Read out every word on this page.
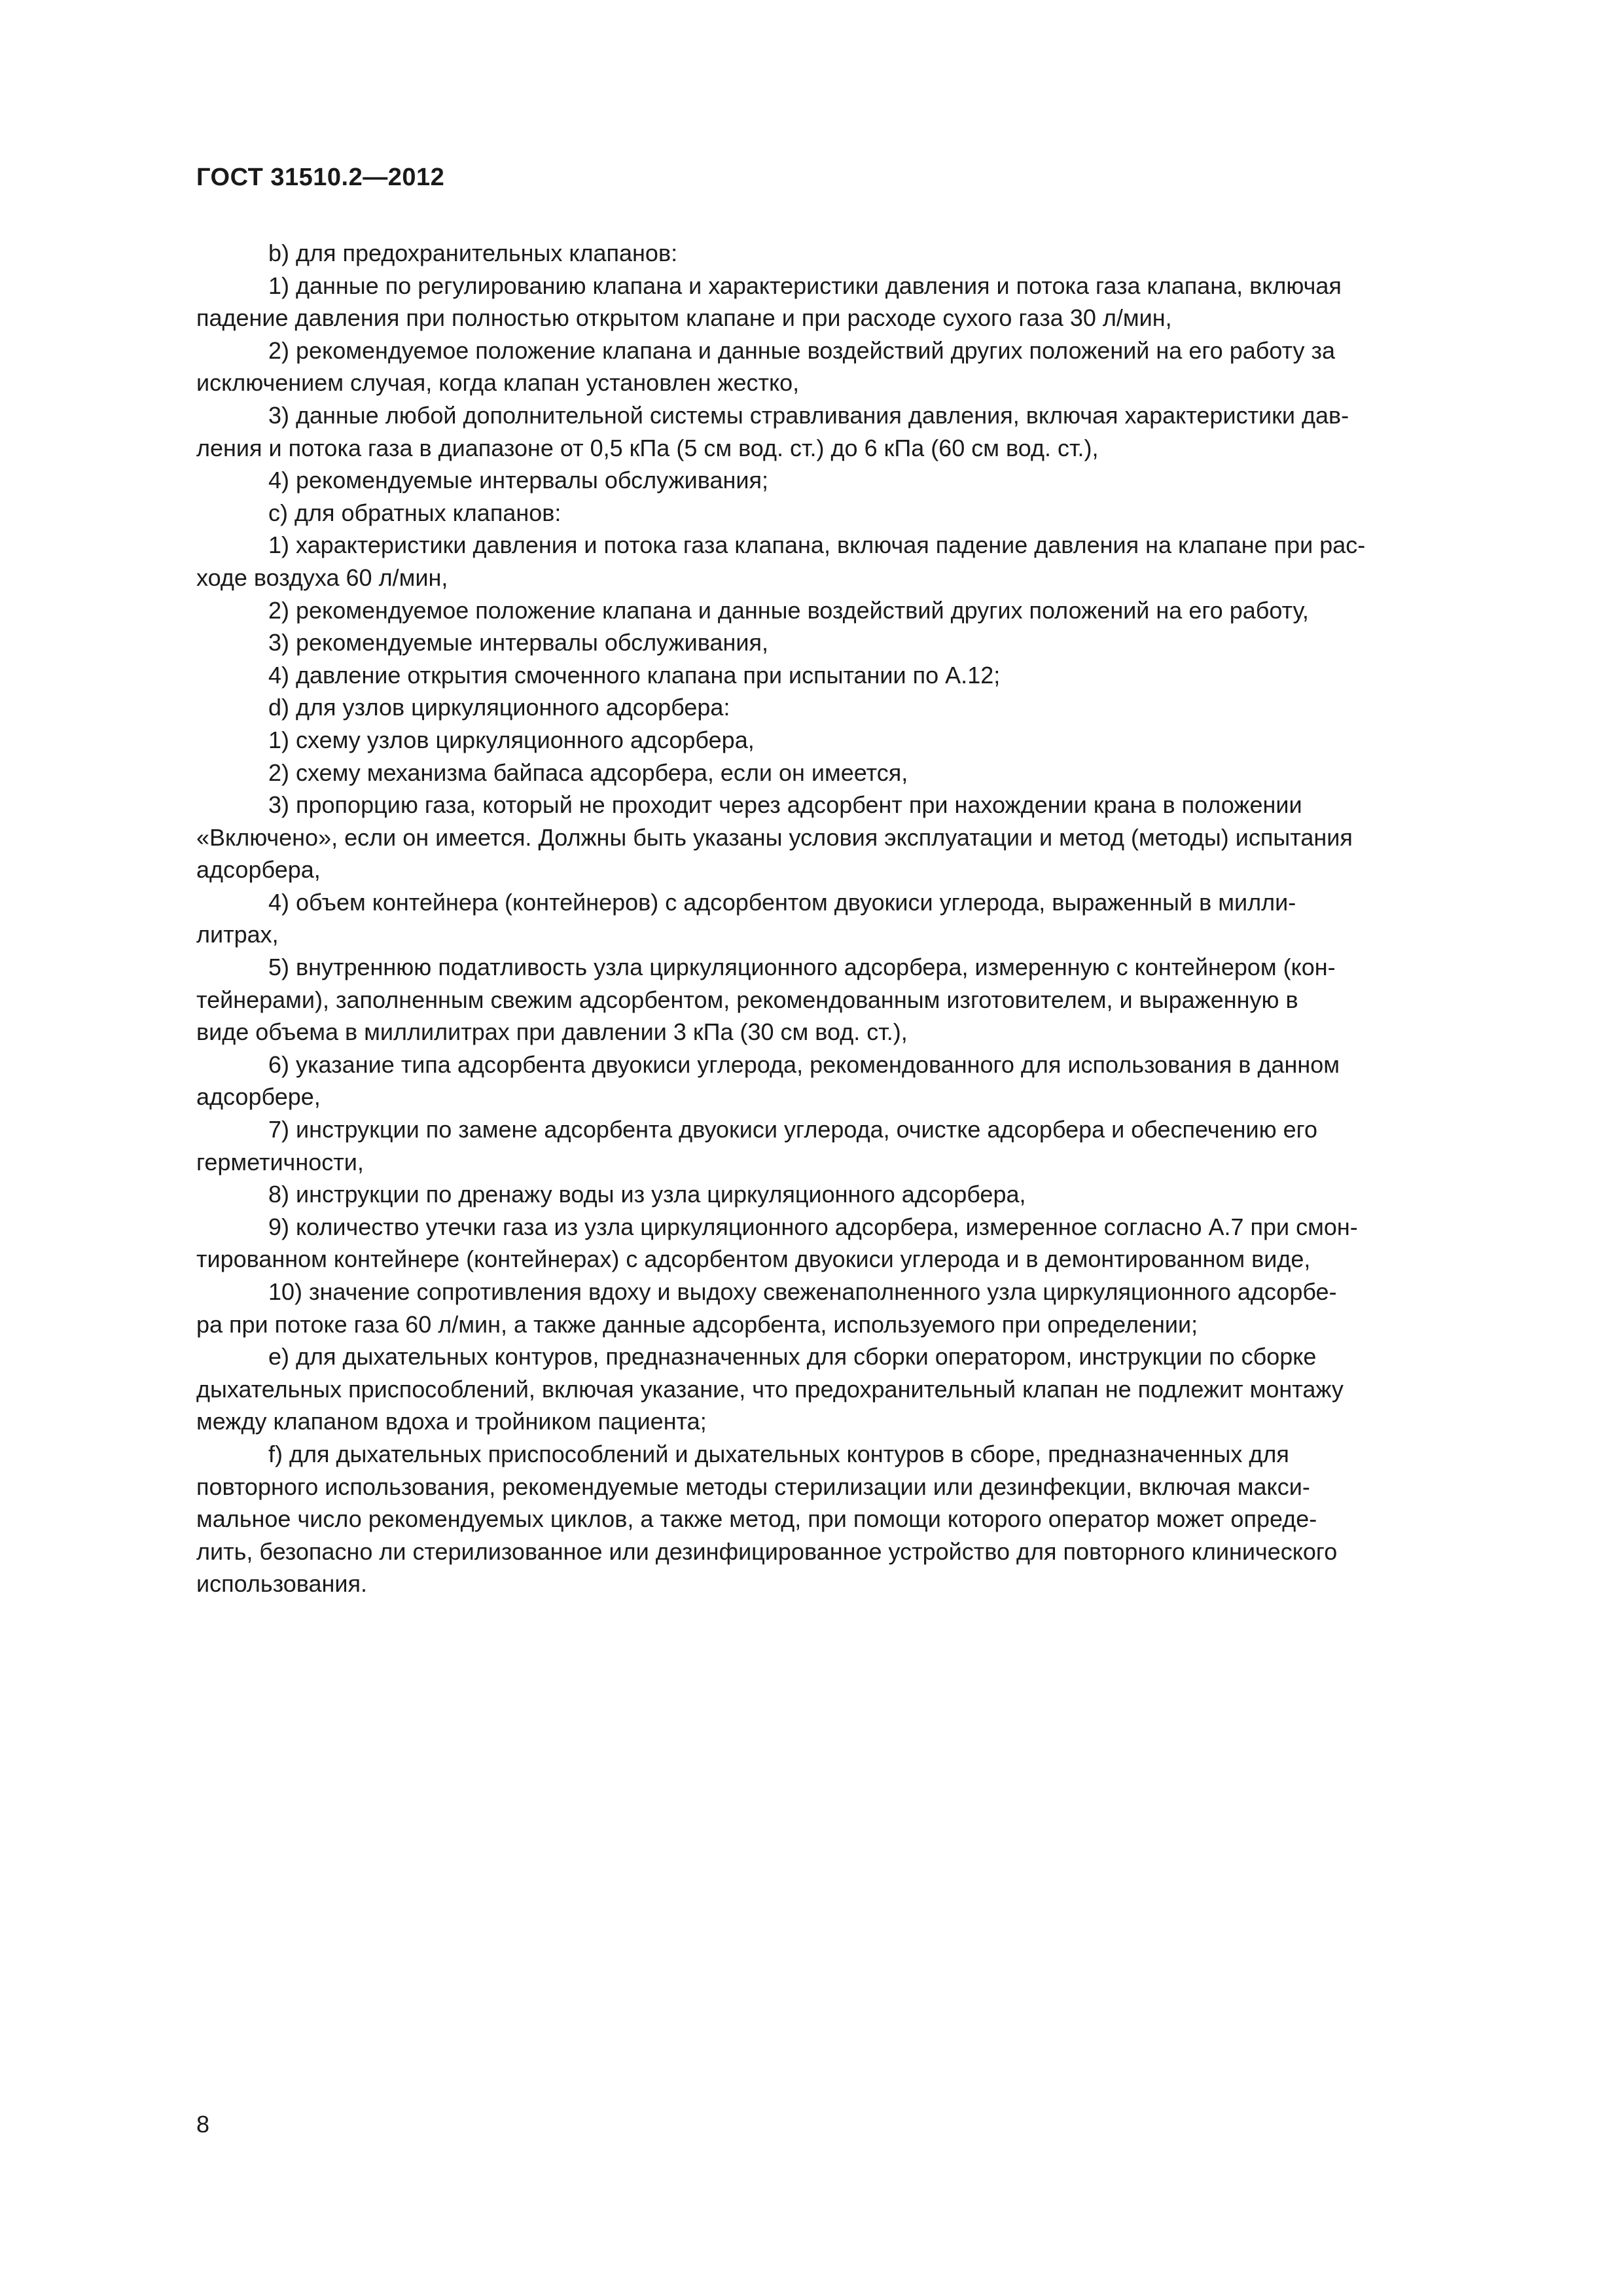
ГОСТ 31510.2—2012

b) для предохранительных клапанов:

1) данные по регулированию клапана и характеристики давления и потока газа клапана, включая
падение давления при полностью открытом клапане и при расходе сухого газа 30 л/мин,

2) рекомендуемое положение клапана и данные воздействий других положений на его работу за
исключением случая, когда клапан установлен жестко,

3) данные любой дополнительной системы стравливания давления, включая характеристики дав-
ления и потока газа в диапазоне от 0,5 кПа (5 см вод. ст.) до 6 кПа (60 см вод. ст.),

4) рекомендуемые интервалы обслуживания;

c) для обратных клапанов:

1) характеристики давления и потока газа клапана, включая падение давления на клапане при рас-
ходе воздуха 60 л/мин,

2) рекомендуемое положение клапана и данные воздействий других положений на его работу,

3) рекомендуемые интервалы обслуживания,

4) давление открытия смоченного клапана при испытании по А.12;

d) для узлов циркуляционного адсорбера:

1) схему узлов циркуляционного адсорбера,

2) схему механизма байпаса адсорбера, если он имеется,

3) пропорцию газа, который не проходит через адсорбент при нахождении крана в положении
«Включено», если он имеется. Должны быть указаны условия эксплуатации и метод (методы) испытания
адсорбера,

4) объем контейнера (контейнеров) с адсорбентом двуокиси углерода, выраженный в милли-
литрах,

5) внутреннюю податливость узла циркуляционного адсорбера, измеренную с контейнером (кон-
тейнерами), заполненным свежим адсорбентом, рекомендованным изготовителем, и выраженную в
виде объема в миллилитрах при давлении 3 кПа (30 см вод. ст.),

6) указание типа адсорбента двуокиси углерода, рекомендованного для использования в данном
адсорбере,

7) инструкции по замене адсорбента двуокиси углерода, очистке адсорбера и обеспечению его
герметичности,

8) инструкции по дренажу воды из узла циркуляционного адсорбера,

9) количество утечки газа из узла циркуляционного адсорбера, измеренное согласно А.7 при смон-
тированном контейнере (контейнерах) с адсорбентом двуокиси углерода и в демонтированном виде,

10) значение сопротивления вдоху и выдоху свеженаполненного узла циркуляционного адсорбе-
ра при потоке газа 60 л/мин, а также данные адсорбента, используемого при определении;

e) для дыхательных контуров, предназначенных для сборки оператором, инструкции по сборке
дыхательных приспособлений, включая указание, что предохранительный клапан не подлежит монтажу
между клапаном вдоха и тройником пациента;

f) для дыхательных приспособлений и дыхательных контуров в сборе, предназначенных для
повторного использования, рекомендуемые методы стерилизации или дезинфекции, включая макси-
мальное число рекомендуемых циклов, а также метод, при помощи которого оператор может опреде-
лить, безопасно ли стерилизованное или дезинфицированное устройство для повторного клинического
использования.

8
